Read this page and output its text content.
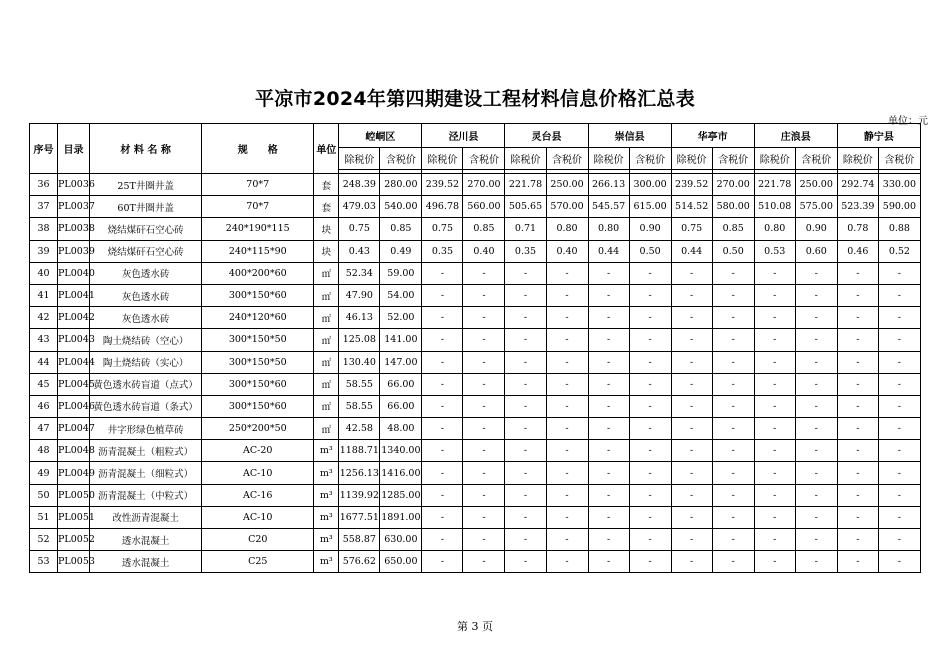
平凉市2024年第四期建设工程材料信息价格汇总表
单位：元
序号	目录	材 料 名 称	规　　格	单位	崆峒区		泾川县		灵台县		崇信县		华亭市		庄浪县		静宁县	
					除税价	含税价	除税价	含税价	除税价	含税价	除税价	含税价	除税价	含税价	除税价	含税价	除税价	含税价

36	PL0036	25T井圈井盖	70*7	套	248.39	280.00	239.52	270.00	221.78	250.00	266.13	300.00	239.52	270.00	221.78	250.00	292.74	330.00
37	PL0037	60T井圈井盖	70*7	套	479.03	540.00	496.78	560.00	505.65	570.00	545.57	615.00	514.52	580.00	510.08	575.00	523.39	590.00
38	PL0038	烧结煤矸石空心砖	240*190*115	块	0.75	0.85	0.75	0.85	0.71	0.80	0.80	0.90	0.75	0.85	0.80	0.90	0.78	0.88
39	PL0039	烧结煤矸石空心砖	240*115*90	块	0.43	0.49	0.35	0.40	0.35	0.40	0.44	0.50	0.44	0.50	0.53	0.60	0.46	0.52
40	PL0040	灰色透水砖	400*200*60	㎡	52.34	59.00	-	-	-	-	-	-	-	-	-	-	-	-
41	PL0041	灰色透水砖	300*150*60	㎡	47.90	54.00	-	-	-	-	-	-	-	-	-	-	-	-
42	PL0042	灰色透水砖	240*120*60	㎡	46.13	52.00	-	-	-	-	-	-	-	-	-	-	-	-
43	PL0043	陶土烧结砖（空心）	300*150*50	㎡	125.08	141.00	-	-	-	-	-	-	-	-	-	-	-	-
44	PL0044	陶土烧结砖（实心）	300*150*50	㎡	130.40	147.00	-	-	-	-	-	-	-	-	-	-	-	-
45	PL0045	黄色透水砖盲道（点式）	300*150*60	㎡	58.55	66.00	-	-	-	-	-	-	-	-	-	-	-	-
46	PL0046	黄色透水砖盲道（条式）	300*150*60	㎡	58.55	66.00	-	-	-	-	-	-	-	-	-	-	-	-
47	PL0047	井字形绿色植草砖	250*200*50	㎡	42.58	48.00	-	-	-	-	-	-	-	-	-	-	-	-
48	PL0048	沥青混凝土（粗粒式）	AC-20	m³	1188.71	1340.00	-	-	-	-	-	-	-	-	-	-	-	-
49	PL0049	沥青混凝土（细粒式）	AC-10	m³	1256.13	1416.00	-	-	-	-	-	-	-	-	-	-	-	-
50	PL0050	沥青混凝土（中粒式）	AC-16	m³	1139.92	1285.00	-	-	-	-	-	-	-	-	-	-	-	-
51	PL0051	改性沥青混凝土	AC-10	m³	1677.51	1891.00	-	-	-	-	-	-	-	-	-	-	-	-
52	PL0052	透水混凝土	C20	m³	558.87	630.00	-	-	-	-	-	-	-	-	-	-	-	-
53	PL0053	透水混凝土	C25	m³	576.62	650.00	-	-	-	-	-	-	-	-	-	-	-	-
第 3 页
